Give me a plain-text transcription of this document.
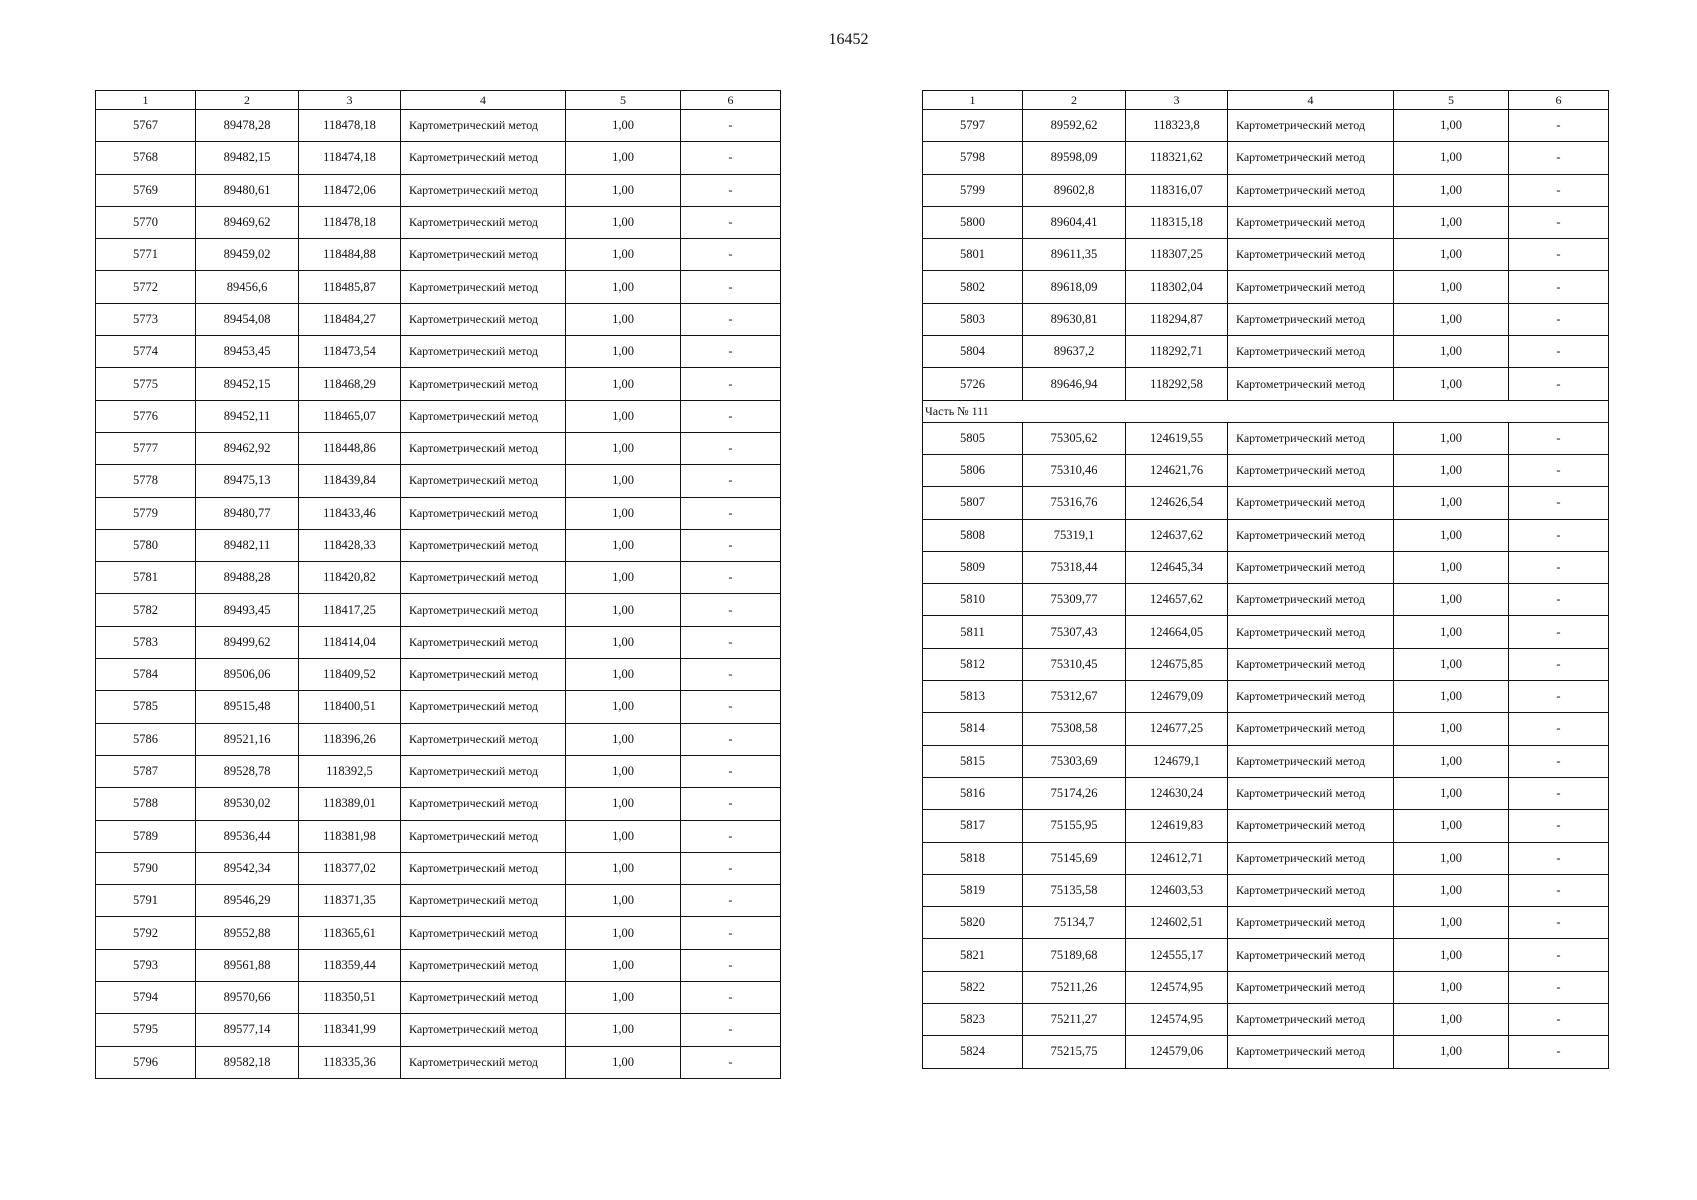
16452
1	2	3	4	5	6
5767	89478,28	118478,18	Картометрический метод	1,00	-
5768	89482,15	118474,18	Картометрический метод	1,00	-
5769	89480,61	118472,06	Картометрический метод	1,00	-
5770	89469,62	118478,18	Картометрический метод	1,00	-
5771	89459,02	118484,88	Картометрический метод	1,00	-
5772	89456,6	118485,87	Картометрический метод	1,00	-
5773	89454,08	118484,27	Картометрический метод	1,00	-
5774	89453,45	118473,54	Картометрический метод	1,00	-
5775	89452,15	118468,29	Картометрический метод	1,00	-
5776	89452,11	118465,07	Картометрический метод	1,00	-
5777	89462,92	118448,86	Картометрический метод	1,00	-
5778	89475,13	118439,84	Картометрический метод	1,00	-
5779	89480,77	118433,46	Картометрический метод	1,00	-
5780	89482,11	118428,33	Картометрический метод	1,00	-
5781	89488,28	118420,82	Картометрический метод	1,00	-
5782	89493,45	118417,25	Картометрический метод	1,00	-
5783	89499,62	118414,04	Картометрический метод	1,00	-
5784	89506,06	118409,52	Картометрический метод	1,00	-
5785	89515,48	118400,51	Картометрический метод	1,00	-
5786	89521,16	118396,26	Картометрический метод	1,00	-
5787	89528,78	118392,5	Картометрический метод	1,00	-
5788	89530,02	118389,01	Картометрический метод	1,00	-
5789	89536,44	118381,98	Картометрический метод	1,00	-
5790	89542,34	118377,02	Картометрический метод	1,00	-
5791	89546,29	118371,35	Картометрический метод	1,00	-
5792	89552,88	118365,61	Картометрический метод	1,00	-
5793	89561,88	118359,44	Картометрический метод	1,00	-
5794	89570,66	118350,51	Картометрический метод	1,00	-
5795	89577,14	118341,99	Картометрический метод	1,00	-
5796	89582,18	118335,36	Картометрический метод	1,00	-
1	2	3	4	5	6
5797	89592,62	118323,8	Картометрический метод	1,00	-
5798	89598,09	118321,62	Картометрический метод	1,00	-
5799	89602,8	118316,07	Картометрический метод	1,00	-
5800	89604,41	118315,18	Картометрический метод	1,00	-
5801	89611,35	118307,25	Картометрический метод	1,00	-
5802	89618,09	118302,04	Картометрический метод	1,00	-
5803	89630,81	118294,87	Картометрический метод	1,00	-
5804	89637,2	118292,71	Картометрический метод	1,00	-
5726	89646,94	118292,58	Картометрический метод	1,00	-
Часть № 111					
5805	75305,62	124619,55	Картометрический метод	1,00	-
5806	75310,46	124621,76	Картометрический метод	1,00	-
5807	75316,76	124626,54	Картометрический метод	1,00	-
5808	75319,1	124637,62	Картометрический метод	1,00	-
5809	75318,44	124645,34	Картометрический метод	1,00	-
5810	75309,77	124657,62	Картометрический метод	1,00	-
5811	75307,43	124664,05	Картометрический метод	1,00	-
5812	75310,45	124675,85	Картометрический метод	1,00	-
5813	75312,67	124679,09	Картометрический метод	1,00	-
5814	75308,58	124677,25	Картометрический метод	1,00	-
5815	75303,69	124679,1	Картометрический метод	1,00	-
5816	75174,26	124630,24	Картометрический метод	1,00	-
5817	75155,95	124619,83	Картометрический метод	1,00	-
5818	75145,69	124612,71	Картометрический метод	1,00	-
5819	75135,58	124603,53	Картометрический метод	1,00	-
5820	75134,7	124602,51	Картометрический метод	1,00	-
5821	75189,68	124555,17	Картометрический метод	1,00	-
5822	75211,26	124574,95	Картометрический метод	1,00	-
5823	75211,27	124574,95	Картометрический метод	1,00	-
5824	75215,75	124579,06	Картометрический метод	1,00	-
